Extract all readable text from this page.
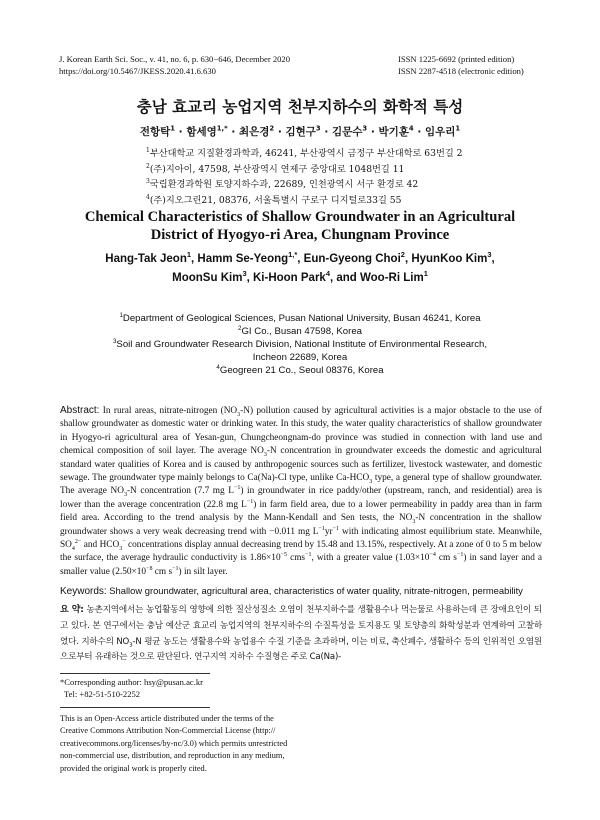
J. Korean Earth Sci. Soc., v. 41, no. 6, p. 630−646, December 2020
https://doi.org/10.5467/JKESS.2020.41.6.630
ISSN 1225-6692 (printed edition)
ISSN 2287-4518 (electronic edition)
충남 효교리 농업지역 천부지하수의 화학적 특성
전항탁$^1$ · 함세영$^{1,*}$ · 최은경$^2$ · 김현구$^3$ · 김문수$^3$ · 박기훈$^4$ · 임우리$^1$
$^1$부산대학교 지질환경과학과, 46241, 부산광역시 금정구 부산대학로 63번길 2
$^2$(주)지아이, 47598, 부산광역시 연제구 중앙대로 1048번길 11
$^3$국립환경과학원 토양지하수과, 22689, 인천광역시 서구 환경로 42
$^4$(주)지오그린21, 08376, 서울특별시 구로구 디지털로33길 55
Chemical Characteristics of Shallow Groundwater in an Agricultural
District of Hyogyo-ri Area, Chungnam Province
Hang-Tak Jeon$^1$, Hamm Se-Yeong$^{1,*}$, Eun-Gyeong Choi$^2$, HyunKoo Kim$^3$,
MoonSu Kim$^3$, Ki-Hoon Park$^4$, and Woo-Ri Lim$^1$
$^1$Department of Geological Sciences, Pusan National University, Busan 46241, Korea
$^2$GI Co., Busan 47598, Korea
$^3$Soil and Groundwater Research Division, National Institute of Environmental Research,
Incheon 22689, Korea
$^4$Geogreen 21 Co., Seoul 08376, Korea

Abstract: In rural areas, nitrate-nitrogen $(NO_3-N)$ pollution caused by agricultural activities is a major obstacle to the use of shallow groundwater as domestic water or drinking water. In this study, the water quality characteristics of shallow groundwater in Hyogyo-ri agricultural area of Yesan-gun, Chungcheongnam-do province was studied in connection with land use and chemical composition of soil layer. The average $NO_3-N$ concentration in groundwater exceeds the domestic and agricultural standard water qualities of Korea and is caused by anthropogenic sources such as fertilizer, livestock wastewater, and domestic sewage. The groundwater type mainly belongs to Ca(Na)-Cl type, unlike $Ca-HCO_3$ type, a general type of shallow groundwater. The average $NO_3-N$ concentration (7.7 mg $L^{-1}$) in groundwater in rice paddy/other (upstream, ranch, and residential) area is lower than the average concentration (22.8 mg $L^{-1}$) in farm field area, due to a lower permeability in paddy area than in farm field area. According to the trend analysis by the Mann-Kendall and Sen tests, the $NO_3-N$ concentration in the shallow groundwater shows a very weak decreasing trend with −0.011 mg $L^{-1}yr^{-1}$ with indicating almost equilibrium state. Meanwhile, $SO_4^{2-}$ and $HCO_3^-$ concentrations display annual decreasing trend by 15.48 and 13.15%, respectively. At a zone of 0 to 5 m below the surface, the average hydraulic conductivity is $1.86\times 10^{-5}$ cms$^{-1}$, with a greater value ($1.03\times 10^{-4}$ cm $s^{-1}$) in sand layer and a smaller value ($2.50\times 10^{-8}$ cm $s^{-1}$) in silt layer.

Keywords: Shallow groundwater, agricultural area, characteristics of water quality, nitrate-nitrogen, permeability

요 약: 농촌지역에서는 농업활동의 영향에 의한 질산성질소 오염이 천부지하수를 생활용수나 먹는물로 사용하는데 큰 장애요인이 되고 있다. 본 연구에서는 충남 예산군 효교리 농업지역의 천부지하수의 수질특성을 토지용도 및 토양층의 화학성분과 연계하여 고찰하였다. 지하수의 $NO_3-N$ 평균 농도는 생활용수와 농업용수 수질 기준을 초과하며, 이는 비료, 축산폐수, 생활하수 등의 인위적인 오염원으로부터 유래하는 것으로 판단된다. 연구지역 지하수 수질형은 주로 Ca(Na)-

*Corresponding author: hsy@pusan.ac.kr
Tel: +82-51-510-2252
This is an Open-Access article distributed under the terms of the
Creative Commons Attribution Non-Commercial License (http://
creativecommons.org/licenses/by-nc/3.0) which permits unrestricted
non-commercial use, distribution, and reproduction in any medium,
provided the original work is properly cited.
